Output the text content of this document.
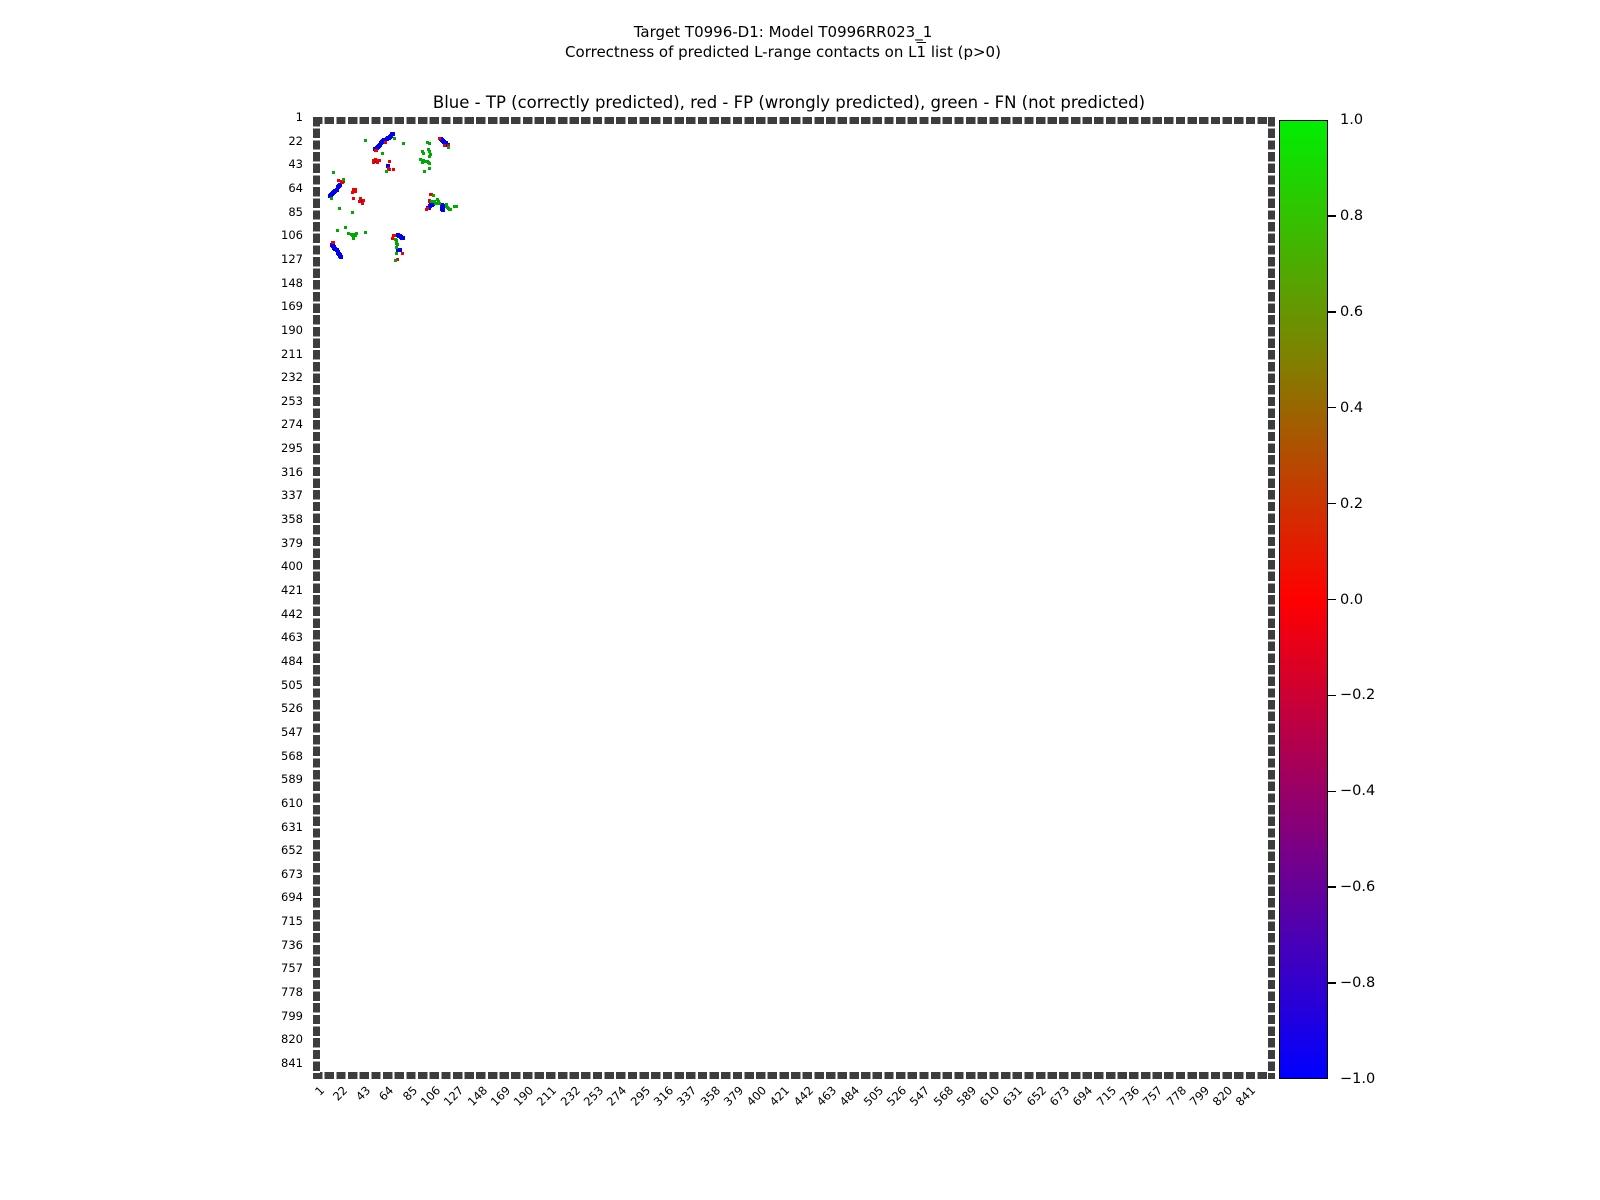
Target T0996-D1: Model T0996RR023_1
Correctness of predicted L-range contacts on L1 list (p>0)
Blue - TP (correctly predicted), red - FP (wrongly predicted), green - FN (not predicted)
1
22
43
64
85
106
127
148
169
190
211
232
253
274
295
316
337
358
379
400
421
442
463
484
505
526
547
568
589
610
631
652
673
694
715
736
757
778
799
820
841
1 22 43 64 85
106
127
148
169
190
211
232
253
274
295
316
337
358
379
400
421
442
463
484
505
526
547
568
589
610
631
652
673
694
715
736
757
778
799
820
841
1.0
0.8
0.6
0.4
0.2
0.0
−0.2
−0.4
−0.6
−0.8
−1.0
